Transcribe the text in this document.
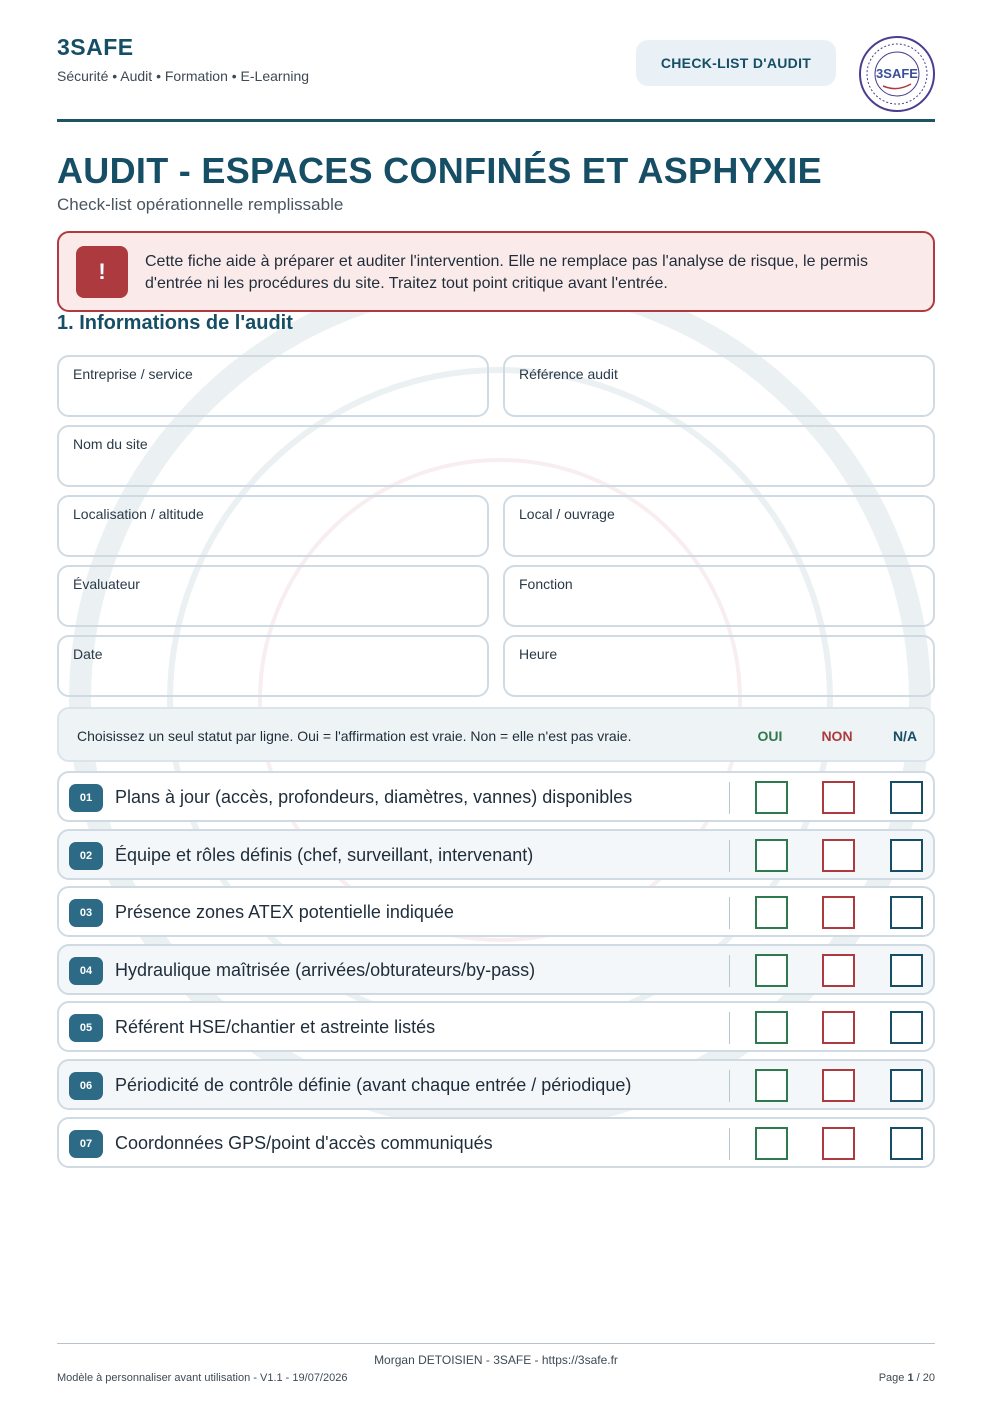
3SAFE
Sécurité • Audit • Formation • E-Learning
CHECK-LIST D'AUDIT
3SAFE
AUDIT - ESPACES CONFINÉS ET ASPHYXIE
Check-list opérationnelle remplissable
!	Cette fiche aide à préparer et auditer l'intervention. Elle ne remplace pas l'analyse de risque, le permis d'entrée ni les procédures du site. Traitez tout point critique avant l'entrée.
1. Informations de l'audit
Entreprise / service	Référence audit
Nom du site
Localisation / altitude	Local / ouvrage
Évaluateur	Fonction
Date	Heure
Choisissez un seul statut par ligne. Oui = l'affirmation est vraie. Non = elle n'est pas vraie.	OUI	NON	N/A
01	Plans à jour (accès, profondeurs, diamètres, vannes) disponibles
02	Équipe et rôles définis (chef, surveillant, intervenant)
03	Présence zones ATEX potentielle indiquée
04	Hydraulique maîtrisée (arrivées/obturateurs/by-pass)
05	Référent HSE/chantier et astreinte listés
06	Périodicité de contrôle définie (avant chaque entrée / périodique)
07	Coordonnées GPS/point d'accès communiqués
Morgan DETOISIEN - 3SAFE - https://3safe.fr
Modèle à personnaliser avant utilisation - V1.1 - 19/07/2026	Page 1 / 20
